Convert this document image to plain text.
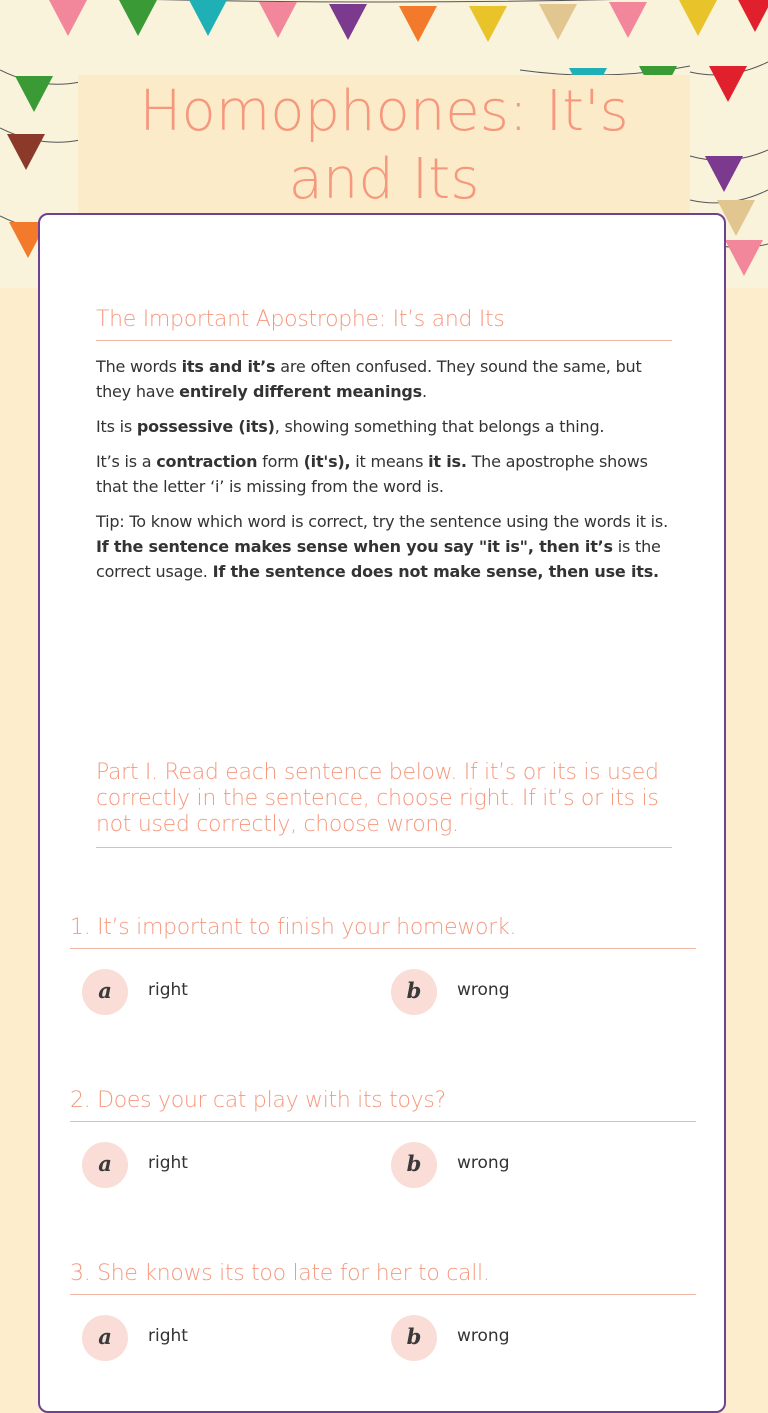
Homophones: It's and Its
The Important Apostrophe: It’s and Its

The words its and it’s are often confused. They sound the same, but they have entirely different meanings.

Its is possessive (its), showing something that belongs a thing.

It’s is a contraction form (it's), it means it is. The apostrophe shows that the letter ‘i’ is missing from the word is.

Tip: To know which word is correct, try the sentence using the words it is. If the sentence makes sense when you say "it is", then it’s is the correct usage. If the sentence does not make sense, then use its.

Part I. Read each sentence below. If it’s or its is used correctly in the sentence, choose right. If it’s or its is not used correctly, choose wrong.
1. It’s important to finish your homework.
a	right	b	wrong
2. Does your cat play with its toys?
a	right	b	wrong
3. She knows its too late for her to call.
a	right	b	wrong
